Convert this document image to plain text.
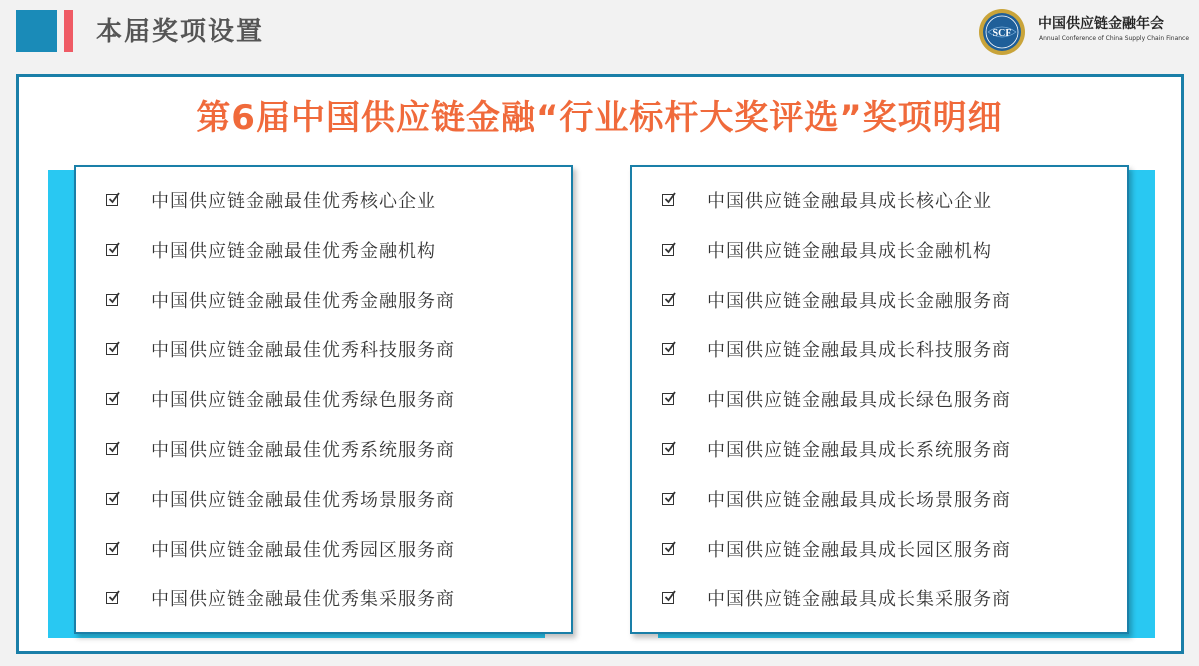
本届奖项设置	SCF
中国供应链金融年会
Annual Conference of China Supply Chain Finance
第6届中国供应链金融“行业标杆大奖评选”奖项明细
中国供应链金融最佳优秀核心企业
中国供应链金融最佳优秀金融机构
中国供应链金融最佳优秀金融服务商
中国供应链金融最佳优秀科技服务商
中国供应链金融最佳优秀绿色服务商
中国供应链金融最佳优秀系统服务商
中国供应链金融最佳优秀场景服务商
中国供应链金融最佳优秀园区服务商
中国供应链金融最佳优秀集采服务商
中国供应链金融最具成长核心企业
中国供应链金融最具成长金融机构
中国供应链金融最具成长金融服务商
中国供应链金融最具成长科技服务商
中国供应链金融最具成长绿色服务商
中国供应链金融最具成长系统服务商
中国供应链金融最具成长场景服务商
中国供应链金融最具成长园区服务商
中国供应链金融最具成长集采服务商
